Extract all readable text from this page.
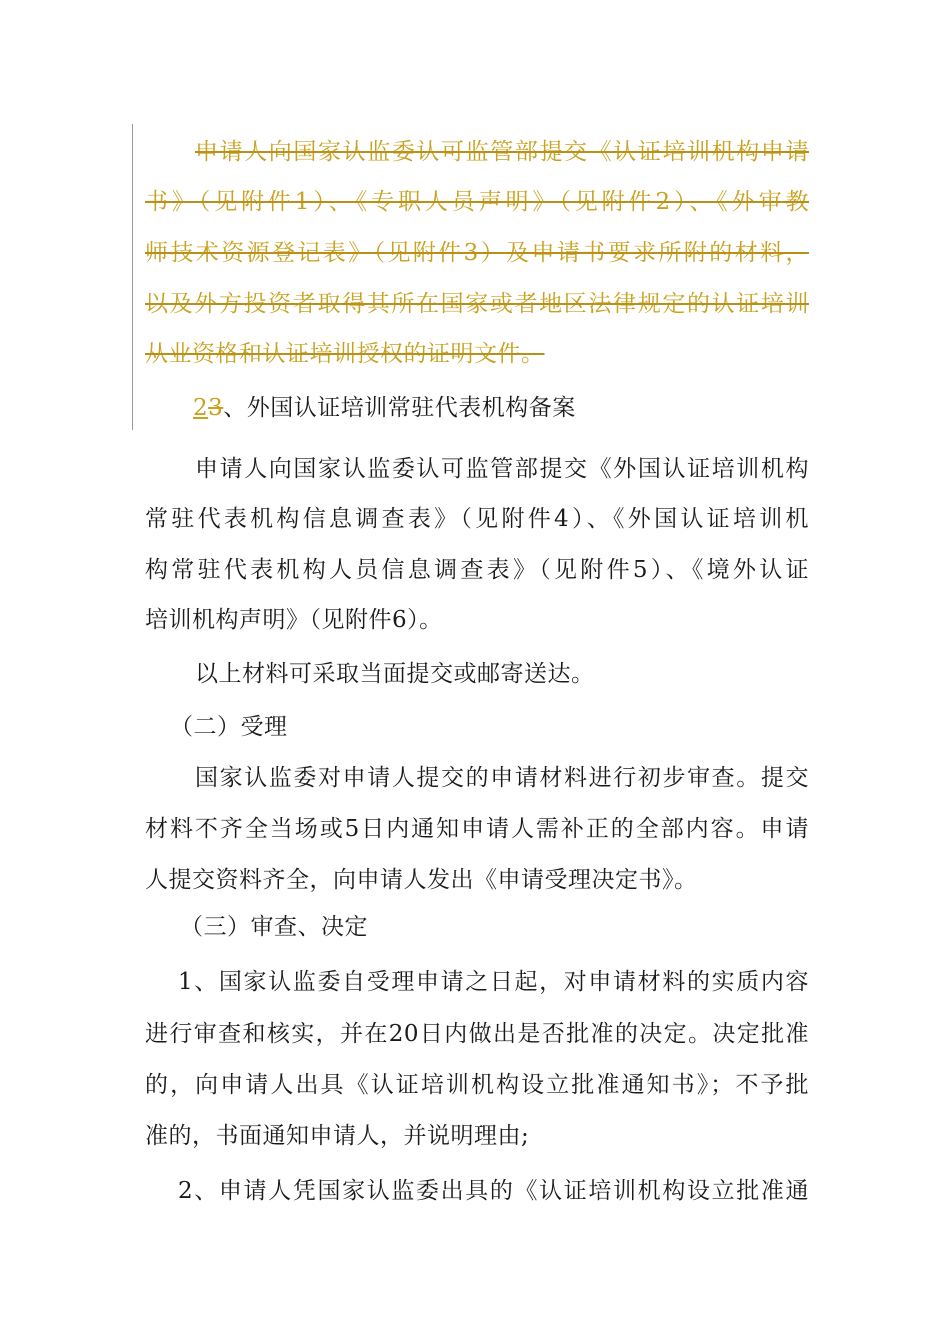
申请人向国家认监委认可监管部提交《认证培训机构申请
书》（见附件1）、《专职人员声明》（见附件2）、《外审教
师技术资源登记表》（见附件3）及申请书要求所附的材料，
以及外方投资者取得其所在国家或者地区法律规定的认证培训
从业资格和认证培训授权的证明文件。
23、外国认证培训常驻代表机构备案
申请人向国家认监委认可监管部提交《外国认证培训机构
常驻代表机构信息调查表》（见附件4）、《外国认证培训机
构常驻代表机构人员信息调查表》（见附件5）、《境外认证
培训机构声明》（见附件6）。
以上材料可采取当面提交或邮寄送达。
（二）受理
国家认监委对申请人提交的申请材料进行初步审查。提交
材料不齐全当场或5日内通知申请人需补正的全部内容。申请
人提交资料齐全，向申请人发出《申请受理决定书》。
（三）审查、决定
1、国家认监委自受理申请之日起，对申请材料的实质内容
进行审查和核实，并在20日内做出是否批准的决定。决定批准
的，向申请人出具《认证培训机构设立批准通知书》；不予批
准的，书面通知申请人，并说明理由;
2、申请人凭国家认监委出具的《认证培训机构设立批准通
